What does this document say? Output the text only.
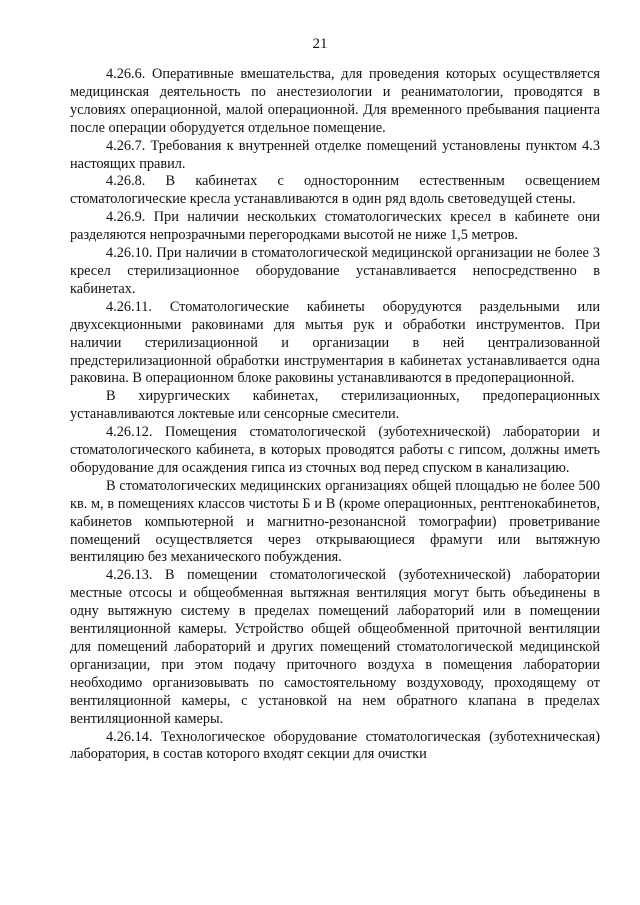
21

4.26.6. Оперативные вмешательства, для проведения которых осуществляется медицинская деятельность по анестезиологии и реаниматологии, проводятся в условиях операционной, малой операционной. Для временного пребывания пациента после операции оборудуется отдельное помещение.

4.26.7. Требования к внутренней отделке помещений установлены пунктом 4.3 настоящих правил.

4.26.8. В кабинетах с односторонним естественным освещением стоматологические кресла устанавливаются в один ряд вдоль световедущей стены.

4.26.9. При наличии нескольких стоматологических кресел в кабинете они разделяются непрозрачными перегородками высотой не ниже 1,5 метров.

4.26.10. При наличии в стоматологической медицинской организации не более 3 кресел стерилизационное оборудование устанавливается непосредственно в кабинетах.

4.26.11. Стоматологические кабинеты оборудуются раздельными или двухсекционными раковинами для мытья рук и обработки инструментов. При наличии стерилизационной и организации в ней централизованной предстерилизационной обработки инструментария в кабинетах устанавливается одна раковина. В операционном блоке раковины устанавливаются в предоперационной.

В хирургических кабинетах, стерилизационных, предоперационных устанавливаются локтевые или сенсорные смесители.

4.26.12. Помещения стоматологической (зуботехнической) лаборатории и стоматологического кабинета, в которых проводятся работы с гипсом, должны иметь оборудование для осаждения гипса из сточных вод перед спуском в канализацию.

В стоматологических медицинских организациях общей площадью не более 500 кв. м, в помещениях классов чистоты Б и В (кроме операционных, рентгенокабинетов, кабинетов компьютерной и магнитно-резонансной томографии) проветривание помещений осуществляется через открывающиеся фрамуги или вытяжную вентиляцию без механического побуждения.

4.26.13. В помещении стоматологической (зуботехнической) лаборатории местные отсосы и общеобменная вытяжная вентиляция могут быть объединены в одну вытяжную систему в пределах помещений лабораторий или в помещении вентиляционной камеры. Устройство общей общеобменной приточной вентиляции для помещений лабораторий и других помещений стоматологической медицинской организации, при этом подачу приточного воздуха в помещения лаборатории необходимо организовывать по самостоятельному воздуховоду, проходящему от вентиляционной камеры, с установкой на нем обратного клапана в пределах вентиляционной камеры.

4.26.14. Технологическое оборудование стоматологическая (зуботехническая) лаборатория, в состав которого входят секции для очистки
